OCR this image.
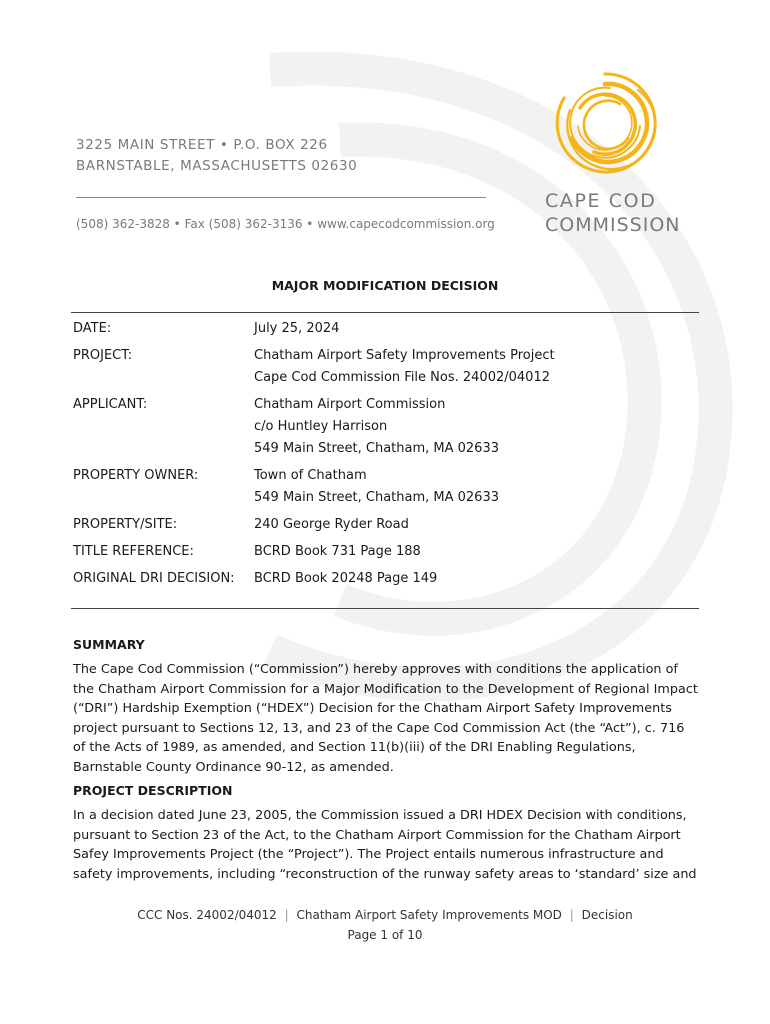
3225 MAIN STREET • P.O. BOX 226
BARNSTABLE, MASSACHUSETTS 02630
(508) 362-3828 • Fax (508) 362-3136 • www.capecodcommission.org
CAPE COD
COMMISSION
MAJOR MODIFICATION DECISION
DATE:	July 25, 2024
PROJECT:	Chatham Airport Safety Improvements Project
Cape Cod Commission File Nos. 24002/04012
APPLICANT:	Chatham Airport Commission
c/o Huntley Harrison
549 Main Street, Chatham, MA 02633
PROPERTY OWNER:	Town of Chatham
549 Main Street, Chatham, MA 02633
PROPERTY/SITE:	240 George Ryder Road
TITLE REFERENCE:	BCRD Book 731 Page 188
ORIGINAL DRI DECISION:	BCRD Book 20248 Page 149
SUMMARY

The Cape Cod Commission (“Commission”) hereby approves with conditions the application of the Chatham Airport Commission for a Major Modification to the Development of Regional Impact (“DRI”) Hardship Exemption (“HDEX”) Decision for the Chatham Airport Safety Improvements project pursuant to Sections 12, 13, and 23 of the Cape Cod Commission Act (the “Act”), c. 716 of the Acts of 1989, as amended, and Section 11(b)(iii) of the DRI Enabling Regulations, Barnstable County Ordinance 90-12, as amended.

PROJECT DESCRIPTION

In a decision dated June 23, 2005, the Commission issued a DRI HDEX Decision with conditions, pursuant to Section 23 of the Act, to the Chatham Airport Commission for the Chatham Airport Safey Improvements Project (the “Project”). The Project entails numerous infrastructure and safety improvements, including “reconstruction of the runway safety areas to ‘standard’ size and

CCC Nos. 24002/04012 | Chatham Airport Safety Improvements MOD | Decision
Page 1 of 10
